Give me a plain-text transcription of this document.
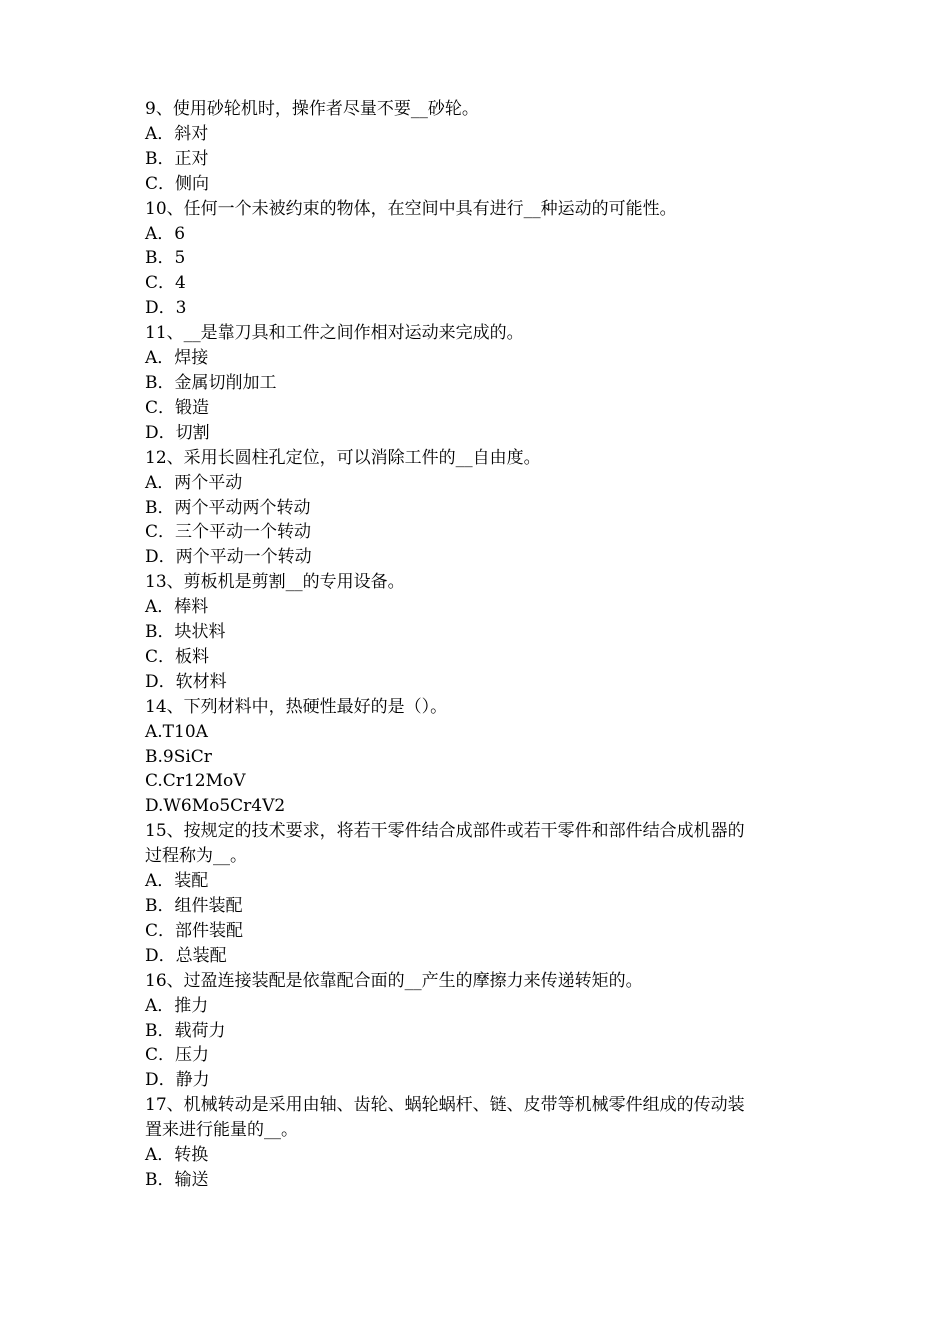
9、使用砂轮机时，操作者尽量不要__砂轮。
A．斜对
B．正对
C．侧向
10、任何一个未被约束的物体，在空间中具有进行__种运动的可能性。
A．6
B．5
C．4
D．3
11、__是靠刀具和工件之间作相对运动来完成的。
A．焊接
B．金属切削加工
C．锻造
D．切割
12、采用长圆柱孔定位，可以消除工件的__自由度。
A．两个平动
B．两个平动两个转动
C．三个平动一个转动
D．两个平动一个转动
13、剪板机是剪割__的专用设备。
A．棒料
B．块状料
C．板料
D．软材料
14、下列材料中，热硬性最好的是（）。
A.T10A
B.9SiCr
C.Cr12MoV
D.W6Mo5Cr4V2
15、按规定的技术要求，将若干零件结合成部件或若干零件和部件结合成机器的
过程称为__。
A．装配
B．组件装配
C．部件装配
D．总装配
16、过盈连接装配是依靠配合面的__产生的摩擦力来传递转矩的。
A．推力
B．载荷力
C．压力
D．静力
17、机械转动是采用由轴、齿轮、蜗轮蜗杆、链、皮带等机械零件组成的传动装
置来进行能量的__。
A．转换
B．输送
